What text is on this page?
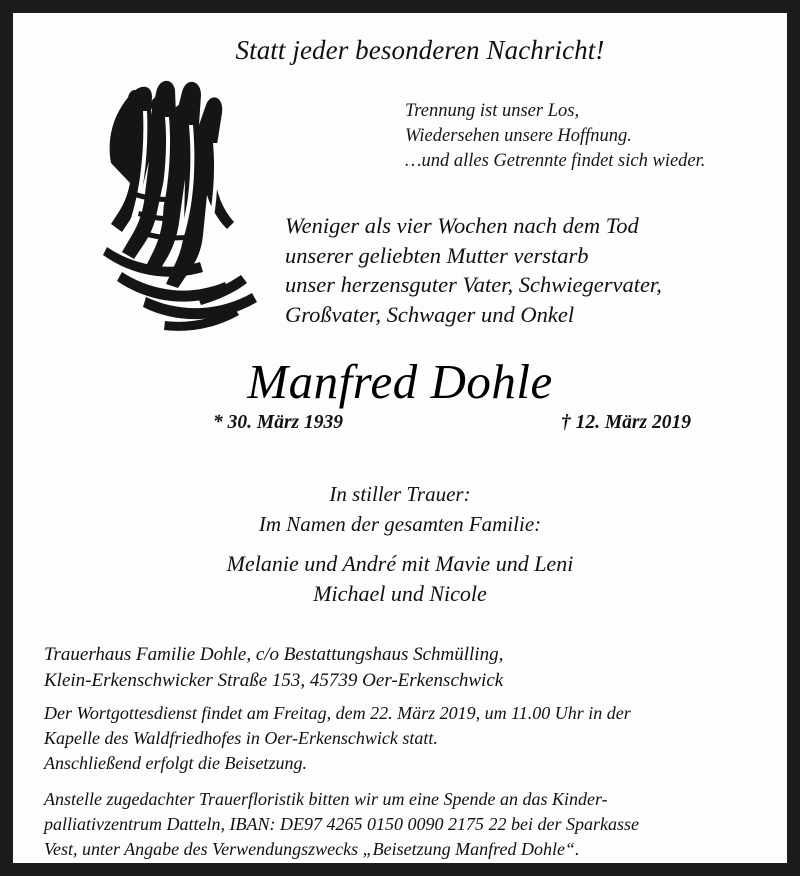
Statt jeder besonderen Nachricht!
Trennung ist unser Los,
Wiedersehen unsere Hoffnung.
…und alles Getrennte findet sich wieder.
Weniger als vier Wochen nach dem Tod
unserer geliebten Mutter verstarb
unser herzensguter Vater, Schwiegervater,
Großvater, Schwager und Onkel
Manfred Dohle
* 30. März 1939	† 12. März 2019
In stiller Trauer:
Im Namen der gesamten Familie:
Melanie und André mit Mavie und Leni
Michael und Nicole
Trauerhaus Familie Dohle, c/o Bestattungshaus Schmülling,
Klein-Erkenschwicker Straße 153, 45739 Oer-Erkenschwick
Der Wortgottesdienst findet am Freitag, dem 22. März 2019, um 11.00 Uhr in der
Kapelle des Waldfriedhofes in Oer-Erkenschwick statt.
Anschließend erfolgt die Beisetzung.
Anstelle zugedachter Trauerfloristik bitten wir um eine Spende an das Kinder-
palliativzentrum Datteln, IBAN: DE97 4265 0150 0090 2175 22 bei der Sparkasse
Vest, unter Angabe des Verwendungszwecks „Beisetzung Manfred Dohle“.
